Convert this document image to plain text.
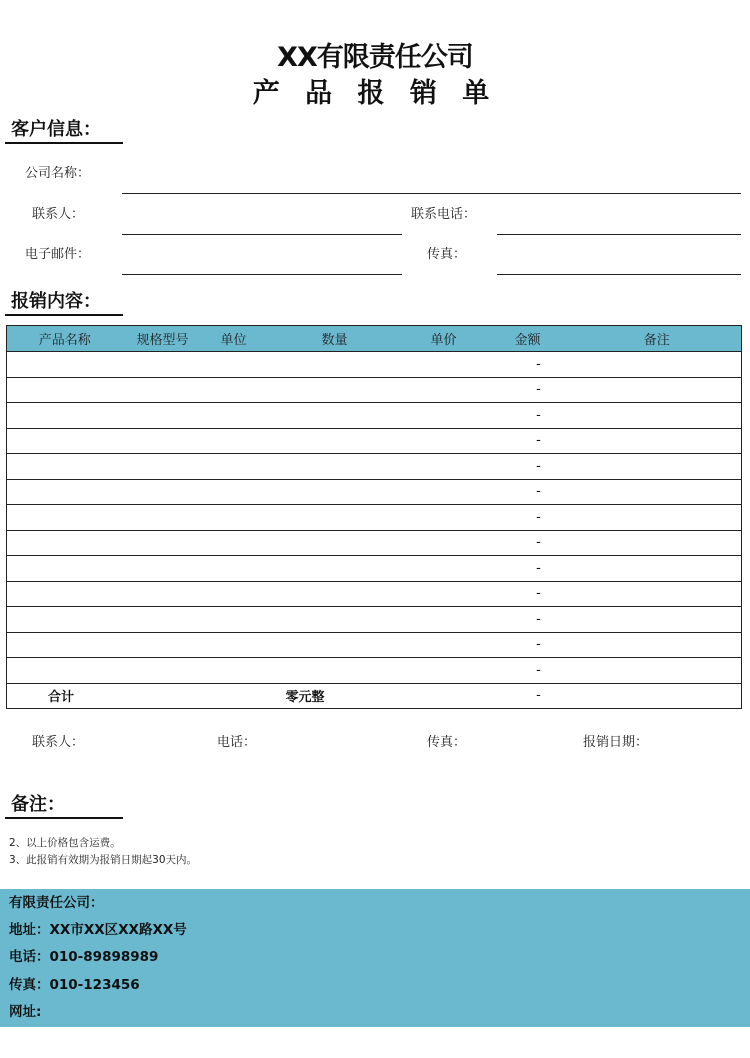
XX有限责任公司
产 品 报 销 单
客户信息：
公司名称：
联系人：	联系电话：
电子邮件：	传真：
报销内容：
产品名称	规格型号	单位	数量	单价	金额	备注
					-	
					-	
					-	
					-	
					-	
					-	
					-	
					-	
					-	
					-	
					-	
					-	
					-	
合计			零元整		-	
联系人：	电话：	传真：	报销日期：
备注：
2、以上价格包含运费。
3、此报销有效期为报销日期起30天内。
有限责任公司：
地址：XX市XX区XX路XX号
电话：010-89898989
传真：010-123456
网址:
